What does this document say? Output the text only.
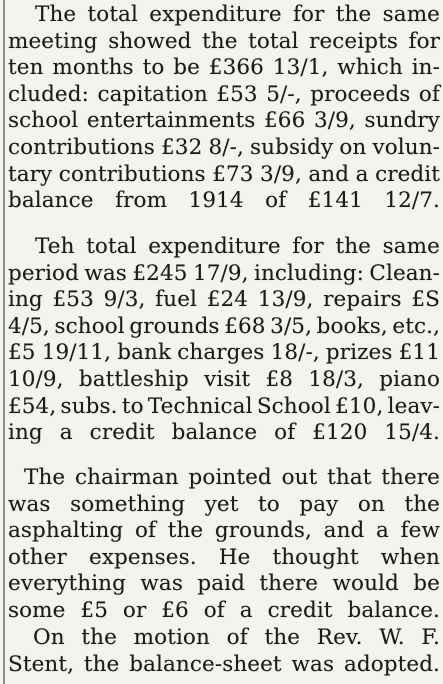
The total expenditure for the same
meeting showed the total receipts for
ten months to be £366 13/1, which in-
cluded: capitation £53 5/-, proceeds of
school entertainments £66 3/9, sundry
contributions £32 8/-, subsidy on volun-
tary contributions £73 3/9, and a credit
balance from 1914 of £141 12/7.
Teh total expenditure for the same
period was £245 17/9, including: Clean-
ing £53 9/3, fuel £24 13/9, repairs £S
4/5, school grounds £68 3/5, books, etc.,
£5 19/11, bank charges 18/-, prizes £11
10/9, battleship visit £8 18/3, piano
£54, subs. to Technical School £10, leav-
ing a credit balance of £120 15/4.
The chairman pointed out that there
was something yet to pay on the
asphalting of the grounds, and a few
other expenses. He thought when
everything was paid there would be
some £5 or £6 of a credit balance.
On the motion of the Rev. W. F.
Stent, the balance-sheet was adopted.
